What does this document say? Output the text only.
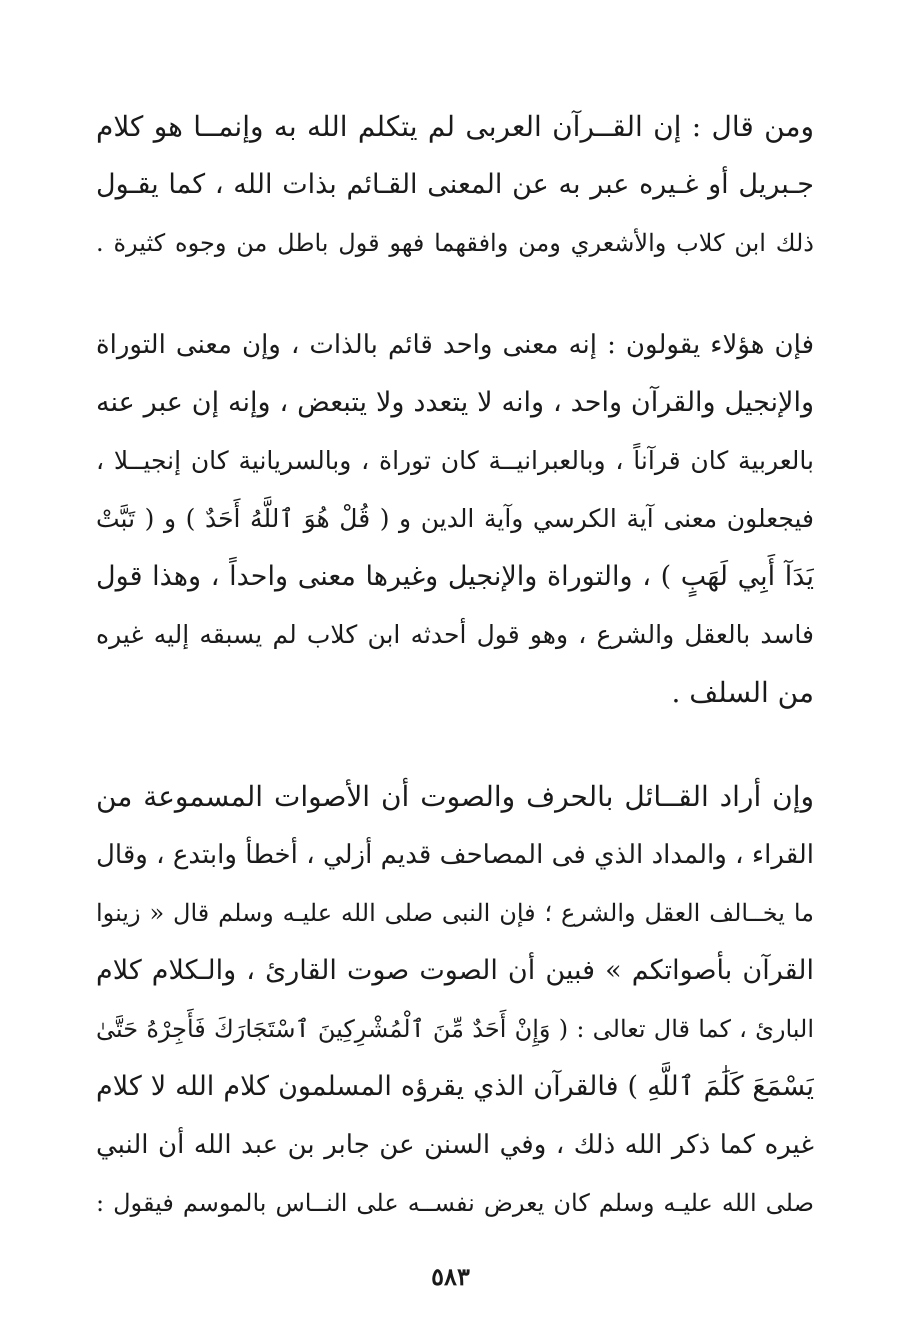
ومن قال : إن القــرآن العربى لم يتكلم الله به وإنمــا هو كلام
جـبريل أو غـيره عبر به عن المعنى القـائم بذات الله ، كما يقـول
ذلك ابن كلاب والأشعري ومن وافقهما فهو قول باطل من وجوه كثيرة .
فإن هؤلاء يقولون : إنه معنى واحد قائم بالذات ، وإن معنى التوراة
والإنجيل والقرآن واحد ، وانه لا يتعدد ولا يتبعض ، وإنه إن عبر عنه
بالعربية كان قرآناً ، وبالعبرانيــة كان توراة ، وبالسريانية كان إنجيــلا ،
فيجعلون معنى آية الكرسي وآية الدين و ( قُلْ هُوَ ٱللَّهُ أَحَدٌ ) و ( تَبَّتْ
يَدَآ أَبِي لَهَبٍ ) ، والتوراة والإنجيل وغيرها معنى واحداً ، وهذا قول
فاسد بالعقل والشرع ، وهو قول أحدثه ابن كلاب لم يسبقه إليه غيره
من السلف .
وإن أراد القــائل بالحرف والصوت أن الأصوات المسموعة من
القراء ، والمداد الذي فى المصاحف قديم أزلي ، أخطأ وابتدع ، وقال
ما يخــالف العقل والشرع ؛ فإن النبى صلى الله عليـه وسلم قال « زينوا
القرآن بأصواتكم » فبين أن الصوت صوت القارئ ، والـكلام كلام
البارئ ، كما قال تعالى : ( وَإِنْ أَحَدٌ مِّنَ ٱلْمُشْرِكِينَ ٱسْتَجَارَكَ فَأَجِرْهُ حَتَّىٰ
يَسْمَعَ كَلَٰمَ ٱللَّهِ ) فالقرآن الذي يقرؤه المسلمون كلام الله لا كلام
غيره كما ذكر الله ذلك ، وفي السنن عن جابر بن عبد الله أن النبي
صلى الله عليـه وسلم كان يعرض نفســه على النــاس بالموسم فيقول :
٥٨٣
